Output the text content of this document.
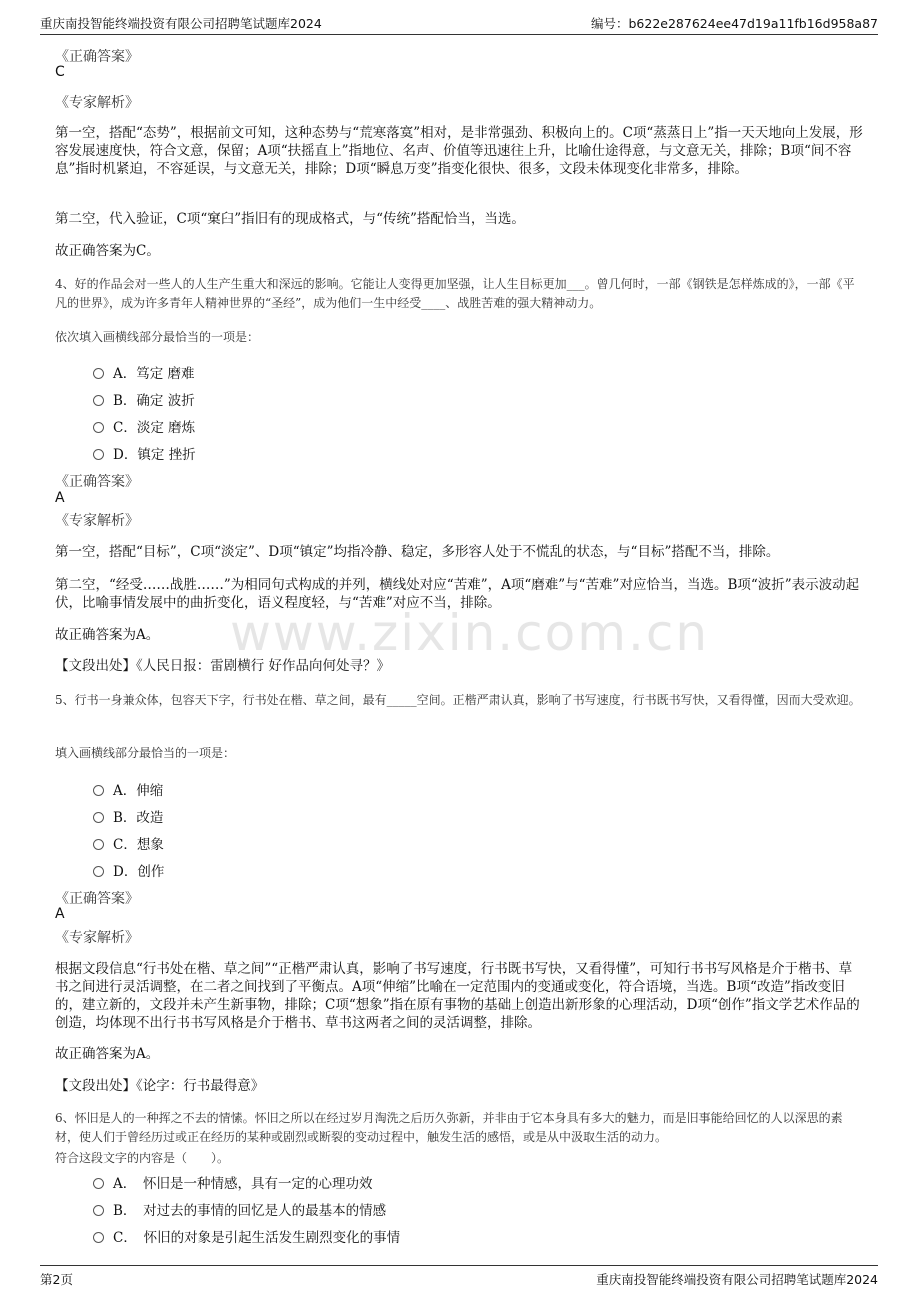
重庆南投智能终端投资有限公司招聘笔试题库2024	编号：b622e287624ee47d19a11fb16d958a87
www.zixin.com.cn
《正确答案》
C
《专家解析》
第一空，搭配“态势”，根据前文可知，这种态势与“荒寒落寞”相对，是非常强劲、积极向上的。C项“蒸蒸日上”指一天天地向上发展，形容发展速度快，符合文意，保留；A项“扶摇直上”指地位、名声、价值等迅速往上升，比喻仕途得意，与文意无关，排除；B项“间不容息”指时机紧迫，不容延误，与文意无关，排除；D项“瞬息万变”指变化很快、很多，文段未体现变化非常多，排除。
第二空，代入验证，C项“窠臼”指旧有的现成格式，与“传统”搭配恰当，当选。
故正确答案为C。
4、好的作品会对一些人的人生产生重大和深远的影响。它能让人变得更加坚强，让人生目标更加___。曾几何时，一部《钢铁是怎样炼成的》，一部《平凡的世界》，成为许多青年人精神世界的“圣经”，成为他们一生中经受____、战胜苦难的强大精神动力。
依次填入画横线部分最恰当的一项是：
A．笃定 磨难
B．确定 波折
C．淡定 磨炼
D．镇定 挫折
《正确答案》
A
《专家解析》
第一空，搭配“目标”，C项“淡定”、D项“镇定”均指冷静、稳定，多形容人处于不慌乱的状态，与“目标”搭配不当，排除。
第二空，“经受……战胜……”为相同句式构成的并列，横线处对应“苦难”，A项“磨难”与“苦难”对应恰当，当选。B项“波折”表示波动起伏，比喻事情发展中的曲折变化，语义程度轻，与“苦难”对应不当，排除。
故正确答案为A。
【文段出处】《人民日报：雷剧横行 好作品向何处寻？》
5、行书一身兼众体，包容天下字，行书处在楷、草之间，最有_____空间。正楷严肃认真，影响了书写速度，行书既书写快，又看得懂，因而大受欢迎。
填入画横线部分最恰当的一项是：
A．伸缩
B．改造
C．想象
D．创作
《正确答案》
A
《专家解析》
根据文段信息“行书处在楷、草之间”“正楷严肃认真，影响了书写速度，行书既书写快，又看得懂”，可知行书书写风格是介于楷书、草书之间进行灵活调整，在二者之间找到了平衡点。A项“伸缩”比喻在一定范围内的变通或变化，符合语境，当选。B项“改造”指改变旧的，建立新的，文段并未产生新事物，排除；C项“想象”指在原有事物的基础上创造出新形象的心理活动，D项“创作”指文学艺术作品的创造，均体现不出行书书写风格是介于楷书、草书这两者之间的灵活调整，排除。
故正确答案为A。
【文段出处】《论字：行书最得意》
6、怀旧是人的一种挥之不去的情愫。怀旧之所以在经过岁月淘洗之后历久弥新，并非由于它本身具有多大的魅力，而是旧事能给回忆的人以深思的素材，使人们于曾经历过或正在经历的某种或剧烈或断裂的变动过程中，触发生活的感悟，或是从中汲取生活的动力。
符合这段文字的内容是（　　）。
A．　怀旧是一种情感，具有一定的心理功效
B．　对过去的事情的回忆是人的最基本的情感
C．　怀旧的对象是引起生活发生剧烈变化的事情
第2页	重庆南投智能终端投资有限公司招聘笔试题库2024
